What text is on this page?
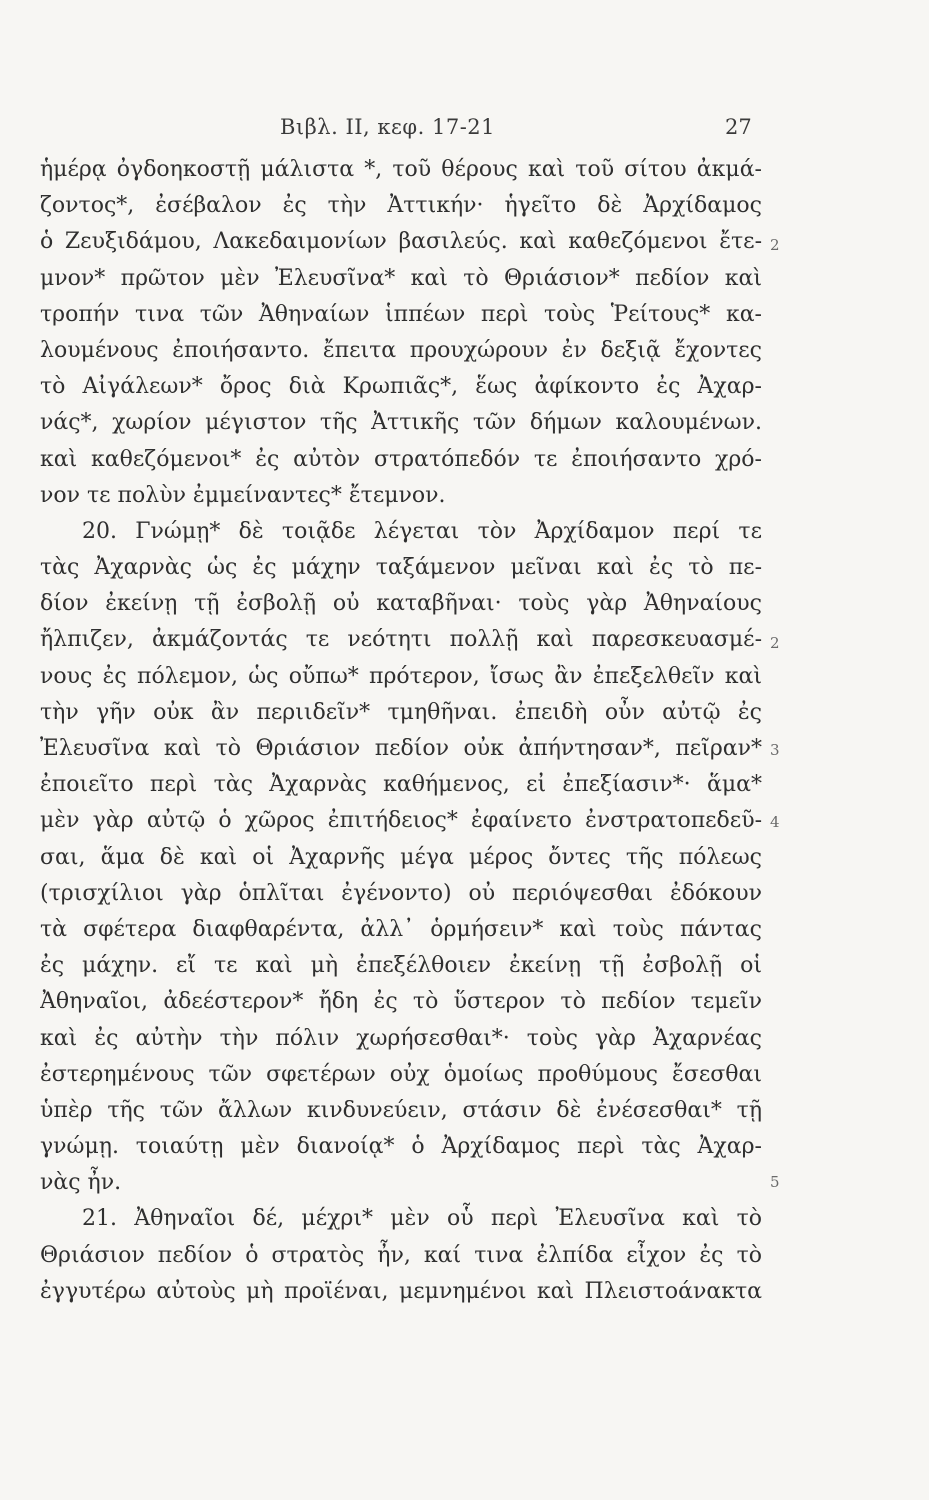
Βιβλ. II, κεφ. 17-21	27
ἡμέρᾳ ὀγδοηκοστῇ μάλιστα *, τοῦ θέρους καὶ τοῦ σίτου ἀκμά-
ζοντος*, ἐσέβαλον ἐς τὴν Ἀττικήν· ἡγεῖτο δὲ Ἀρχίδαμος
ὁ Ζευξιδάμου, Λακεδαιμονίων βασιλεύς. καὶ καθεζόμενοι ἔτε-
μνον* πρῶτον μὲν Ἐλευσῖνα* καὶ τὸ Θριάσιον* πεδίον καὶ
τροπήν τινα τῶν Ἀθηναίων ἱππέων περὶ τοὺς Ῥείτους* κα-
λουμένους ἐποιήσαντο. ἔπειτα προυχώρουν ἐν δεξιᾷ ἔχοντες
τὸ Αἰγάλεων* ὄρος διὰ Κρωπιᾶς*, ἕως ἀφίκοντο ἐς Ἀχαρ-
νάς*, χωρίον μέγιστον τῆς Ἀττικῆς τῶν δήμων καλουμένων.
καὶ καθεζόμενοι* ἐς αὐτὸν στρατόπεδόν τε ἐποιήσαντο χρό-
νον τε πολὺν ἐμμείναντες* ἔτεμνον.
20. Γνώμῃ* δὲ τοιᾷδε λέγεται τὸν Ἀρχίδαμον περί τε
τὰς Ἀχαρνὰς ὡς ἐς μάχην ταξάμενον μεῖναι καὶ ἐς τὸ πε-
δίον ἐκείνῃ τῇ ἐσβολῇ οὐ καταβῆναι· τοὺς γὰρ Ἀθηναίους
ἤλπιζεν, ἀκμάζοντάς τε νεότητι πολλῇ καὶ παρεσκευασμέ-
νους ἐς πόλεμον, ὡς οὔπω* πρότερον, ἴσως ἂν ἐπεξελθεῖν καὶ
τὴν γῆν οὐκ ἂν περιιδεῖν* τμηθῆναι. ἐπειδὴ οὖν αὐτῷ ἐς
Ἐλευσῖνα καὶ τὸ Θριάσιον πεδίον οὐκ ἀπήντησαν*, πεῖραν*
ἐποιεῖτο περὶ τὰς Ἀχαρνὰς καθήμενος, εἰ ἐπεξίασιν*· ἅμα*
μὲν γὰρ αὐτῷ ὁ χῶρος ἐπιτήδειος* ἐφαίνετο ἐνστρατοπεδεῦ-
σαι, ἅμα δὲ καὶ οἱ Ἀχαρνῆς μέγα μέρος ὄντες τῆς πόλεως
(τρισχίλιοι γὰρ ὁπλῖται ἐγένοντο) οὐ περιόψεσθαι ἐδόκουν
τὰ σφέτερα διαφθαρέντα, ἀλλ᾽ ὁρμήσειν* καὶ τοὺς πάντας
ἐς μάχην. εἴ τε καὶ μὴ ἐπεξέλθοιεν ἐκείνῃ τῇ ἐσβολῇ οἱ
Ἀθηναῖοι, ἀδεέστερον* ἤδη ἐς τὸ ὕστερον τὸ πεδίον τεμεῖν
καὶ ἐς αὐτὴν τὴν πόλιν χωρήσεσθαι*· τοὺς γὰρ Ἀχαρνέας
ἐστερημένους τῶν σφετέρων οὐχ ὁμοίως προθύμους ἔσεσθαι
ὑπὲρ τῆς τῶν ἄλλων κινδυνεύειν, στάσιν δὲ ἐνέσεσθαι* τῇ
γνώμῃ. τοιαύτῃ μὲν διανοίᾳ* ὁ Ἀρχίδαμος περὶ τὰς Ἀχαρ-
νὰς ἦν.
21. Ἀθηναῖοι δέ, μέχρι* μὲν οὗ περὶ Ἐλευσῖνα καὶ τὸ
Θριάσιον πεδίον ὁ στρατὸς ἦν, καί τινα ἐλπίδα εἶχον ἐς τὸ
ἐγγυτέρω αὐτοὺς μὴ προϊέναι, μεμνημένοι καὶ Πλειστοάνακτα
2
2
3
4
5
